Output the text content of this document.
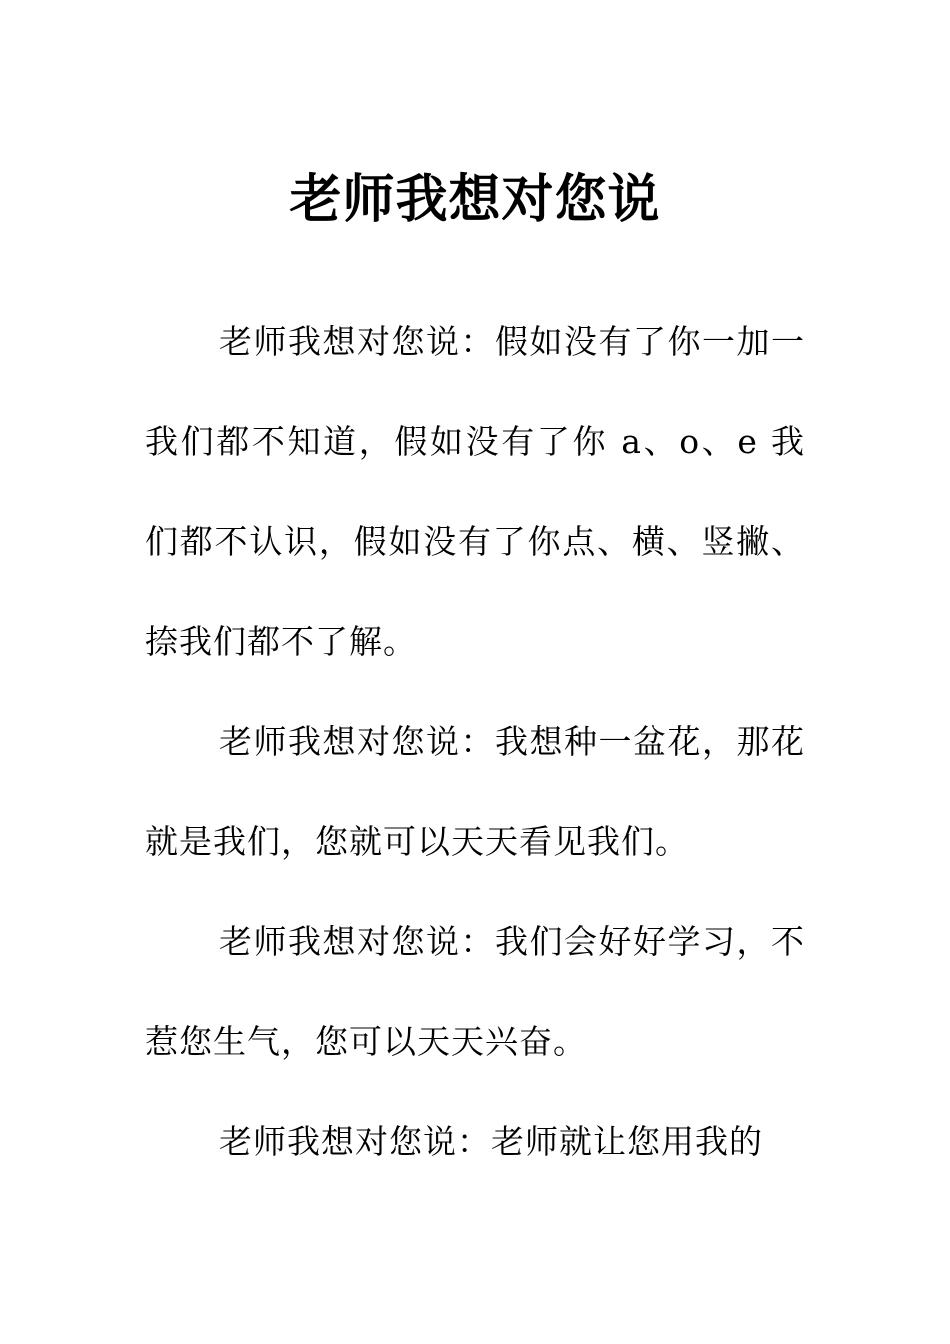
老师我想对您说

老师我想对您说：假如没有了你一加一我们都不知道，假如没有了你 a、o、e 我们都不认识，假如没有了你点、横、竖撇、捺我们都不了解。

老师我想对您说：我想种一盆花，那花就是我们，您就可以天天看见我们。

老师我想对您说：我们会好好学习，不惹您生气，您可以天天兴奋。

老师我想对您说：老师就让您用我的
